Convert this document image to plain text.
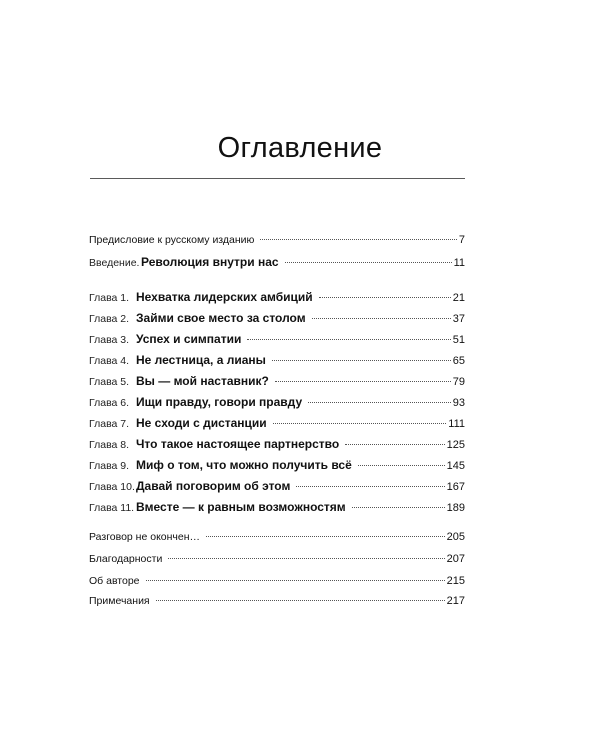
Оглавление
Предисловие к русскому изданию	7
Введение. Революция внутри нас	11
Глава 1. Нехватка лидерских амбиций	21
Глава 2. Займи свое место за столом	37
Глава 3. Успех и симпатии	51
Глава 4. Не лестница, а лианы	65
Глава 5. Вы — мой наставник?	79
Глава 6. Ищи правду, говори правду	93
Глава 7. Не сходи с дистанции	111
Глава 8. Что такое настоящее партнерство	125
Глава 9. Миф о том, что можно получить всё	145
Глава 10. Давай поговорим об этом	167
Глава 11. Вместе — к равным возможностям	189
Разговор не окончен…	205
Благодарности	207
Об авторе	215
Примечания	217
